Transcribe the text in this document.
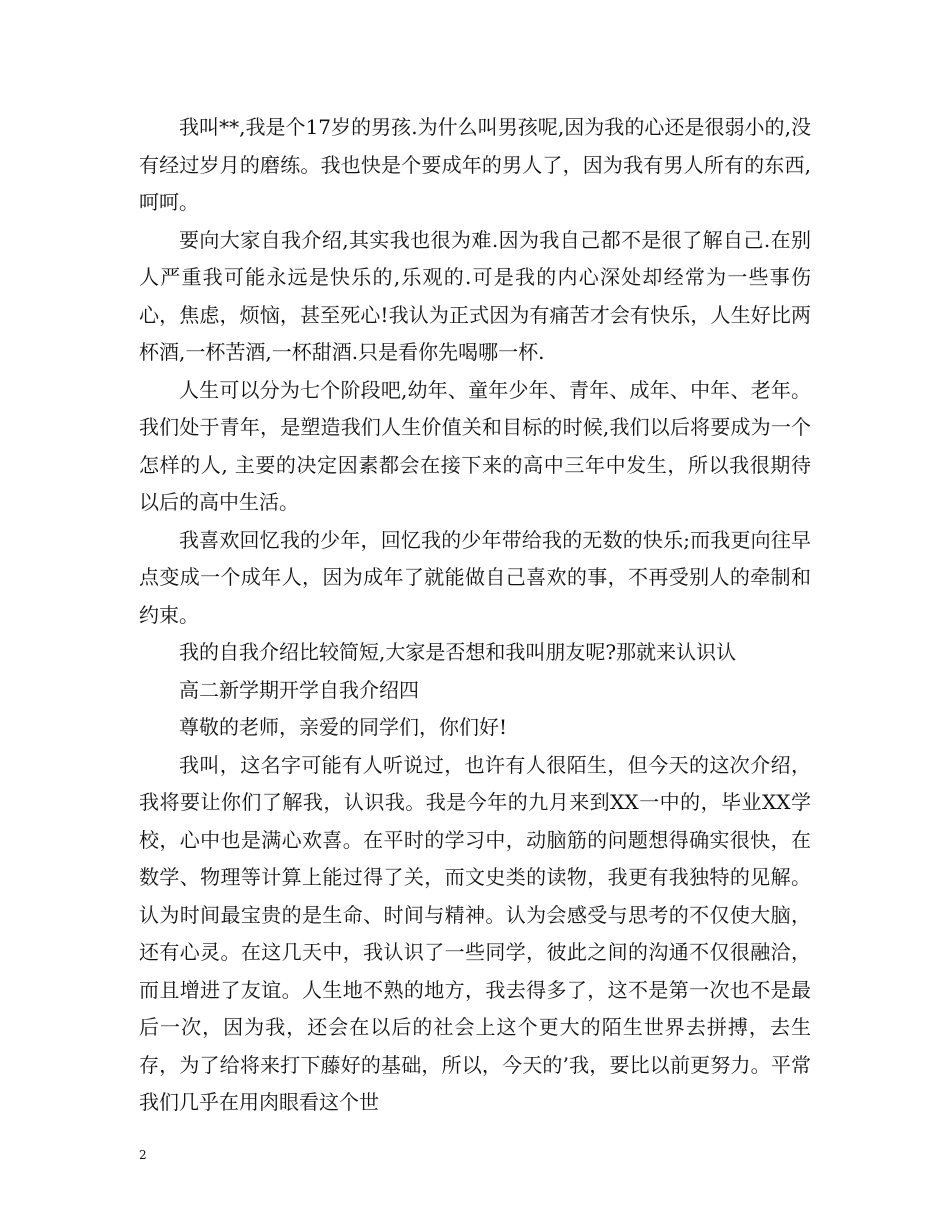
我叫**,我是个17岁的男孩.为什么叫男孩呢,因为我的心还是很弱小的,没有经过岁月的磨练。我也快是个要成年的男人了，因为我有男人所有的东西,呵呵。

要向大家自我介绍,其实我也很为难.因为我自己都不是很了解自己.在别人严重我可能永远是快乐的,乐观的.可是我的内心深处却经常为一些事伤心，焦虑，烦恼，甚至死心!我认为正式因为有痛苦才会有快乐，人生好比两杯酒,一杯苦酒,一杯甜酒.只是看你先喝哪一杯.

人生可以分为七个阶段吧,幼年、童年少年、青年、成年、中年、老年。我们处于青年，是塑造我们人生价值关和目标的时候,我们以后将要成为一个怎样的人, 主要的决定因素都会在接下来的高中三年中发生，所以我很期待以后的高中生活。

我喜欢回忆我的少年，回忆我的少年带给我的无数的快乐;而我更向往早点变成一个成年人，因为成年了就能做自己喜欢的事，不再受别人的牵制和约束。

我的自我介绍比较简短,大家是否想和我叫朋友呢?那就来认识认

高二新学期开学自我介绍四

尊敬的老师，亲爱的同学们，你们好!

我叫，这名字可能有人听说过，也许有人很陌生，但今天的这次介绍，我将要让你们了解我，认识我。我是今年的九月来到XX一中的，毕业XX学校，心中也是满心欢喜。在平时的学习中，动脑筋的问题想得确实很快，在数学、物理等计算上能过得了关，而文史类的读物，我更有我独特的见解。认为时间最宝贵的是生命、时间与精神。认为会感受与思考的不仅使大脑，还有心灵。在这几天中，我认识了一些同学，彼此之间的沟通不仅很融洽，而且增进了友谊。人生地不熟的地方，我去得多了，这不是第一次也不是最后一次，因为我，还会在以后的社会上这个更大的陌生世界去拼搏，去生存，为了给将来打下藤好的基础，所以，今天的’我，要比以前更努力。平常我们几乎在用肉眼看这个世

2
